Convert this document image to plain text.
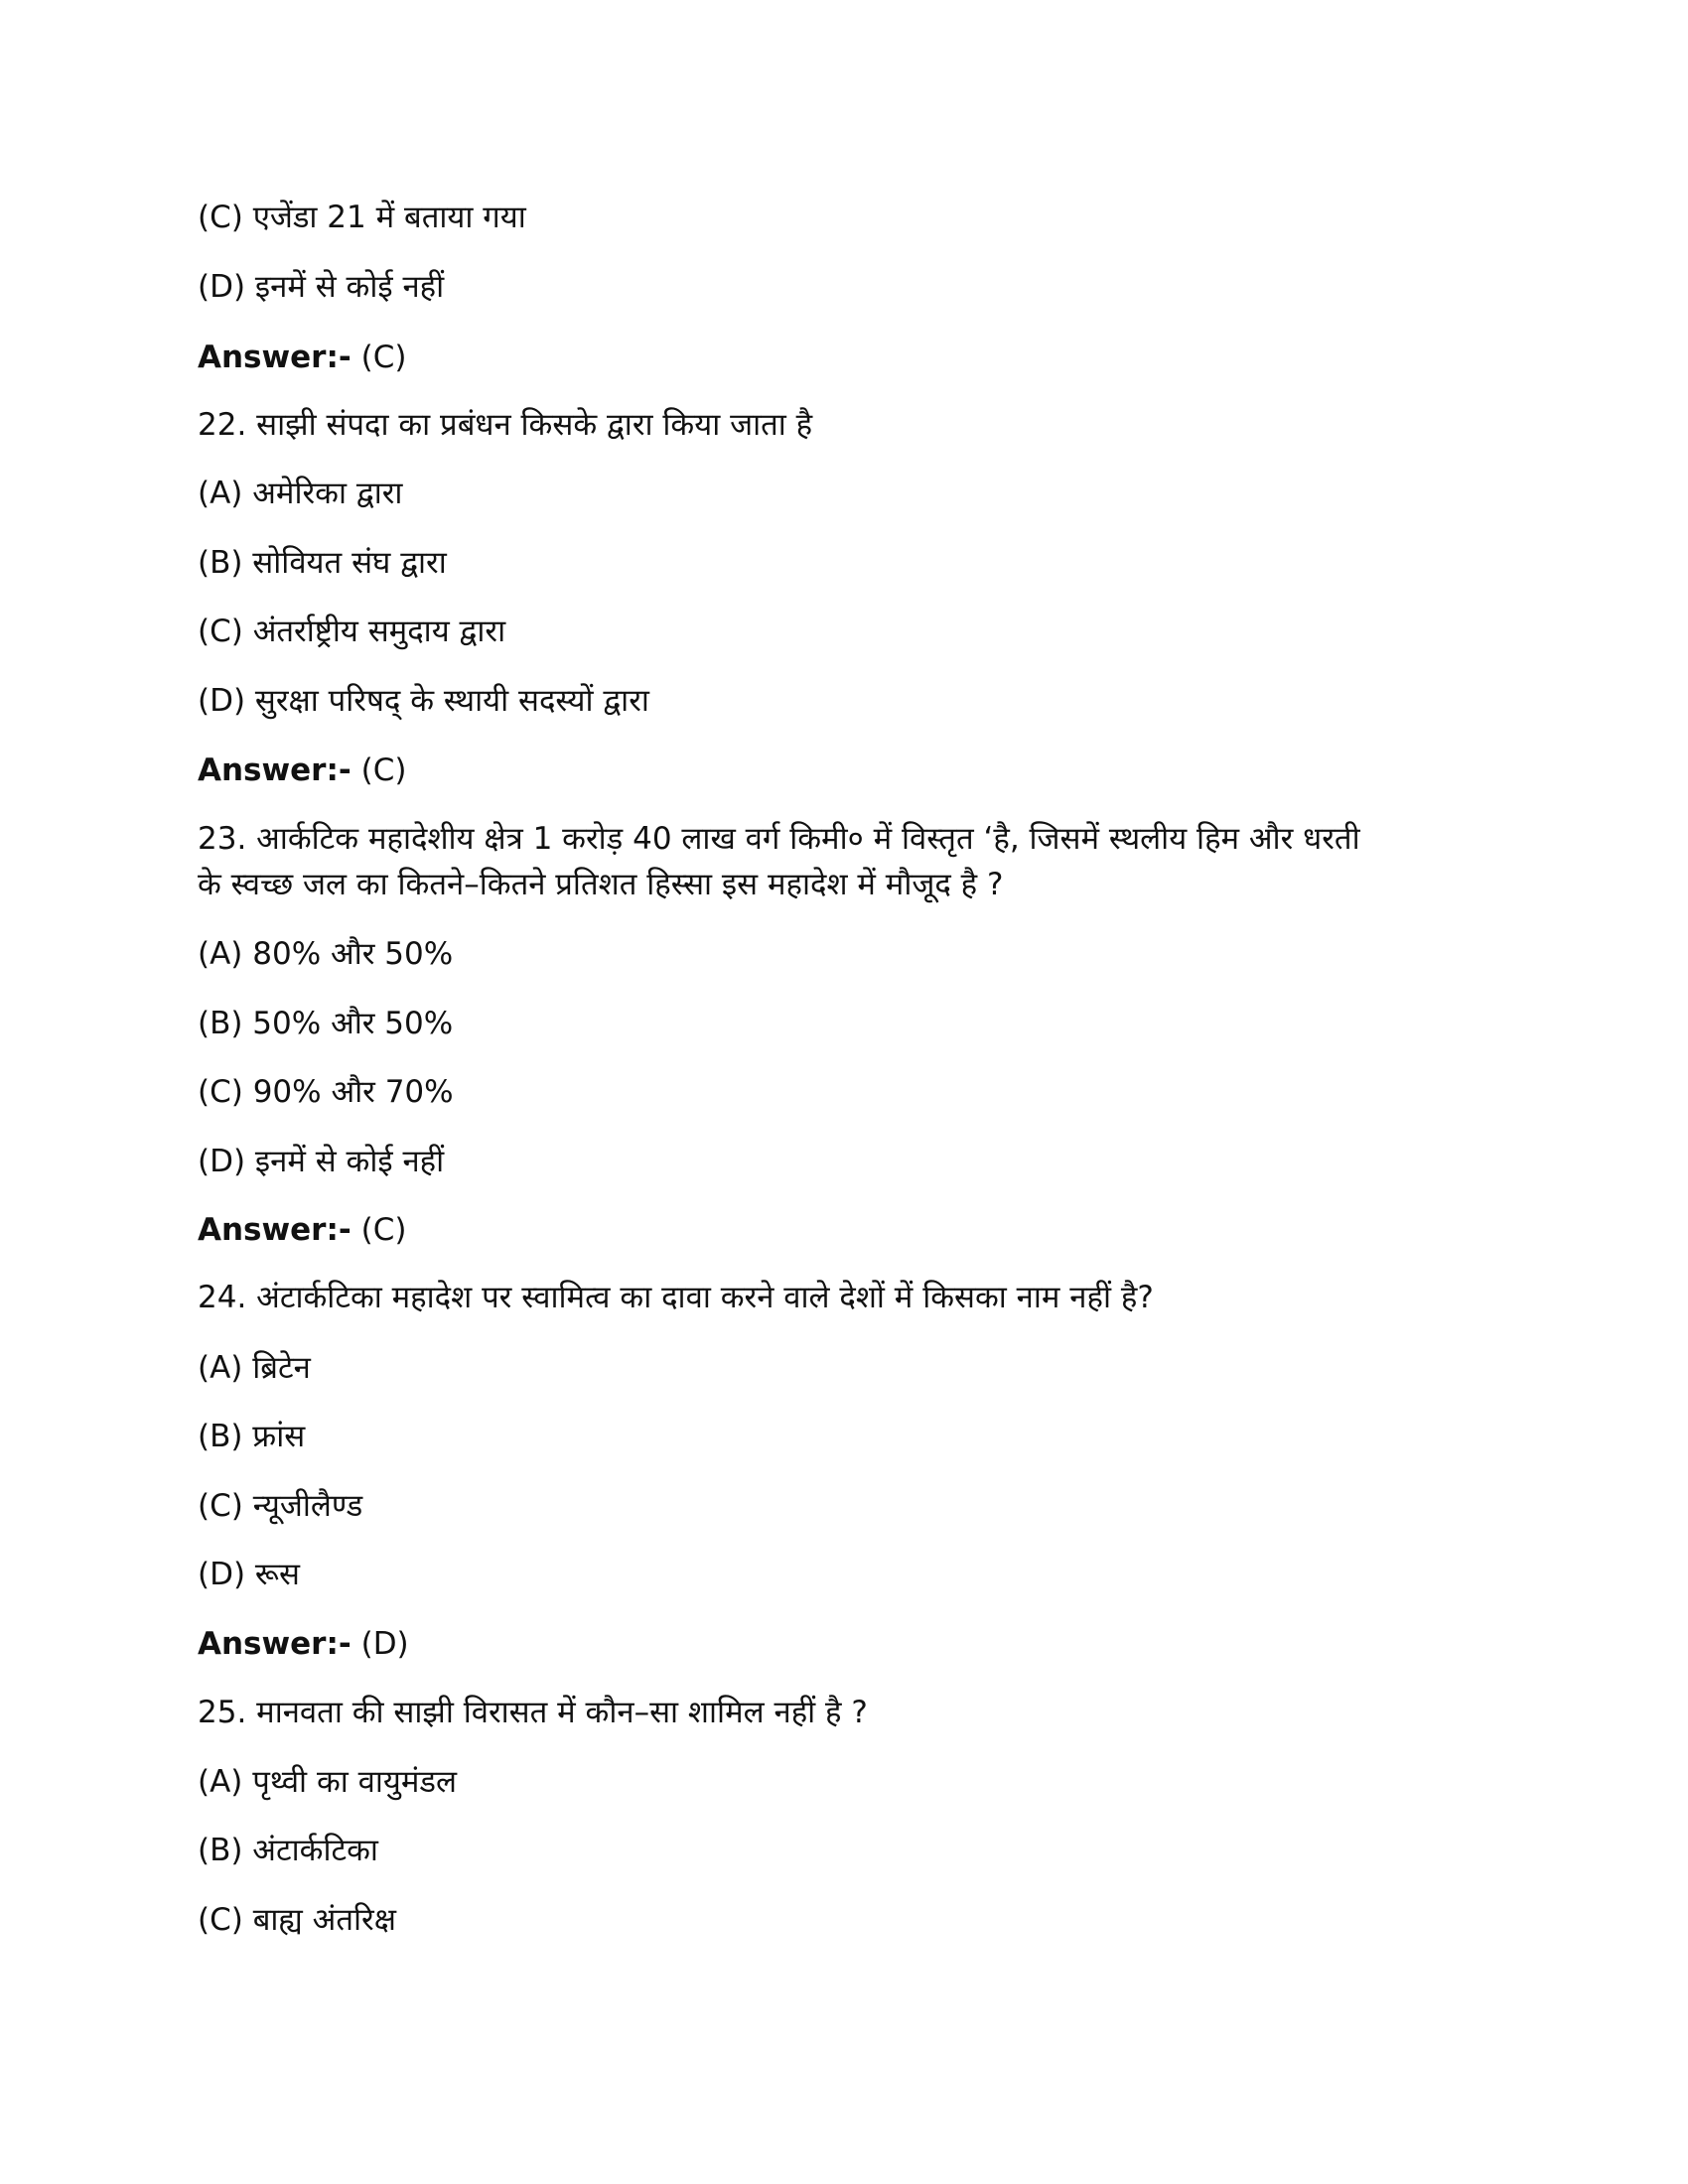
(C) एजेंडा 21 में बताया गया
(D) इनमें से कोई नहीं
Answer:- (C)
22. साझी संपदा का प्रबंधन किसके द्वारा किया जाता है
(A) अमेरिका द्वारा
(B) सोवियत संघ द्वारा
(C) अंतर्राष्ट्रीय समुदाय द्वारा
(D) सुरक्षा परिषद् के स्थायी सदस्यों द्वारा
Answer:- (C)
23. आर्कटिक महादेशीय क्षेत्र 1 करोड़ 40 लाख वर्ग किमी० में विस्तृत ‘है, जिसमें स्थलीय हिम और धरती
के स्वच्छ जल का कितने–कितने प्रतिशत हिस्सा इस महादेश में मौजूद है ?
(A) 80% और 50%
(B) 50% और 50%
(C) 90% और 70%
(D) इनमें से कोई नहीं
Answer:- (C)
24. अंटार्कटिका महादेश पर स्वामित्व का दावा करने वाले देशों में किसका नाम नहीं है?
(A) ब्रिटेन
(B) फ्रांस
(C) न्यूजीलैण्ड
(D) रूस
Answer:- (D)
25. मानवता की साझी विरासत में कौन–सा शामिल नहीं है ?
(A) पृथ्वी का वायुमंडल
(B) अंटार्कटिका
(C) बाह्य अंतरिक्ष
